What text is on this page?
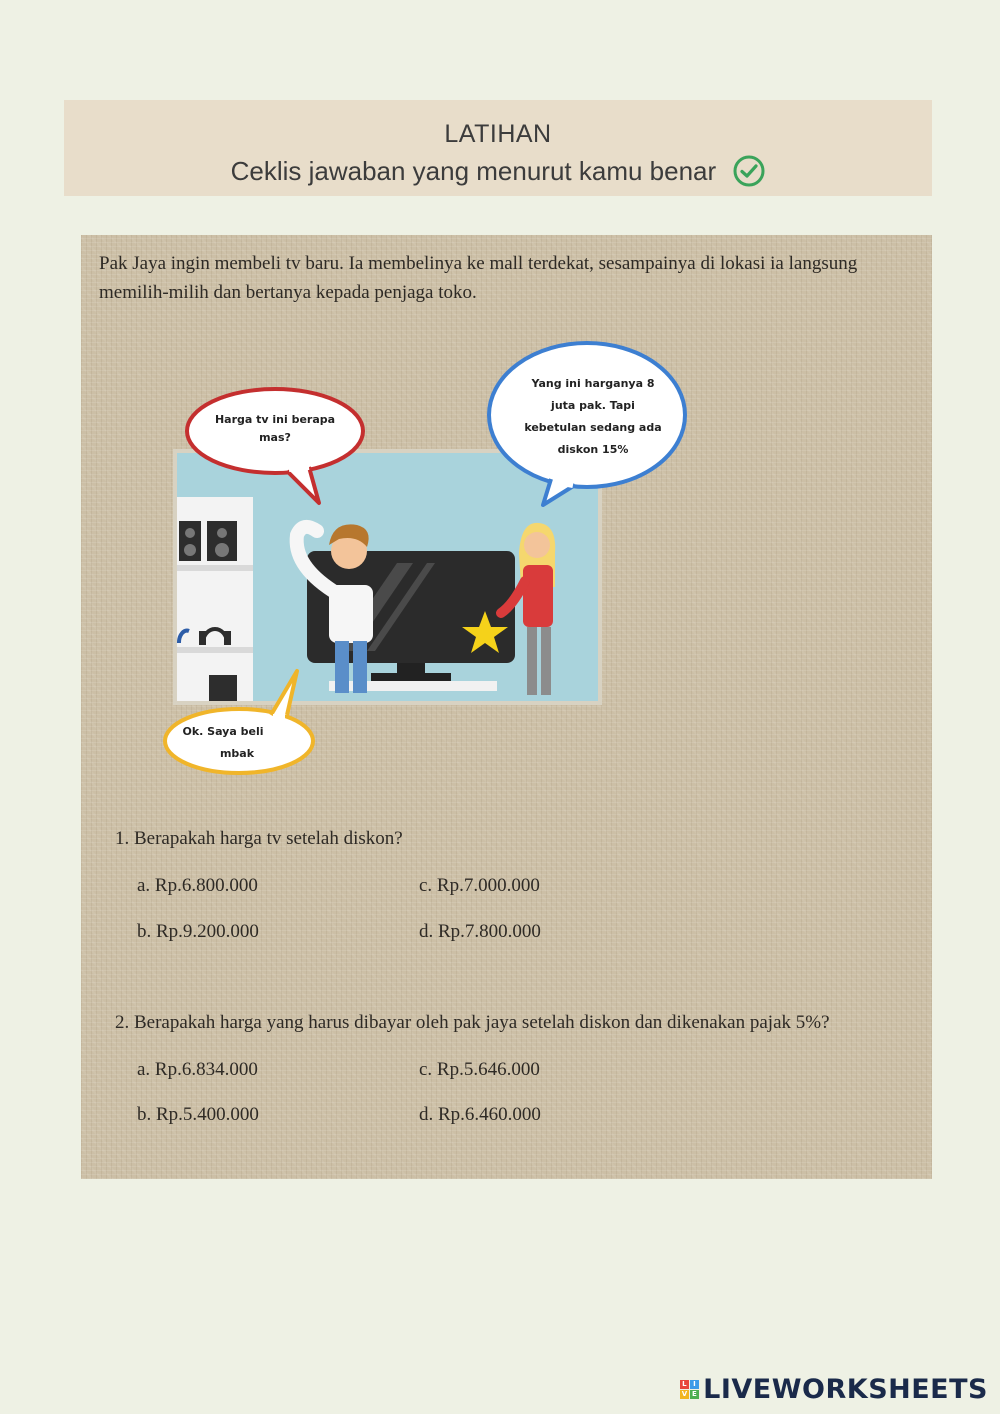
LATIHAN
Ceklis jawaban yang menurut kamu benar
Pak Jaya ingin membeli tv baru. Ia membelinya ke mall terdekat, sesampainya di lokasi ia langsung memilih-milih dan bertanya kepada penjaga toko.
Harga tv ini berapa
mas?
Yang ini harganya 8
juta pak. Tapi
kebetulan sedang ada
diskon 15%
Ok. Saya beli
mbak
1. Berapakah harga tv setelah diskon?
a. Rp.6.800.000	c. Rp.7.000.000
b. Rp.9.200.000	d. Rp.7.800.000
2. Berapakah harga yang harus dibayar oleh pak jaya setelah diskon dan dikenakan pajak 5%?
a. Rp.6.834.000	c. Rp.5.646.000
b. Rp.5.400.000	d. Rp.6.460.000
L I
V E LIVEWORKSHEETS
